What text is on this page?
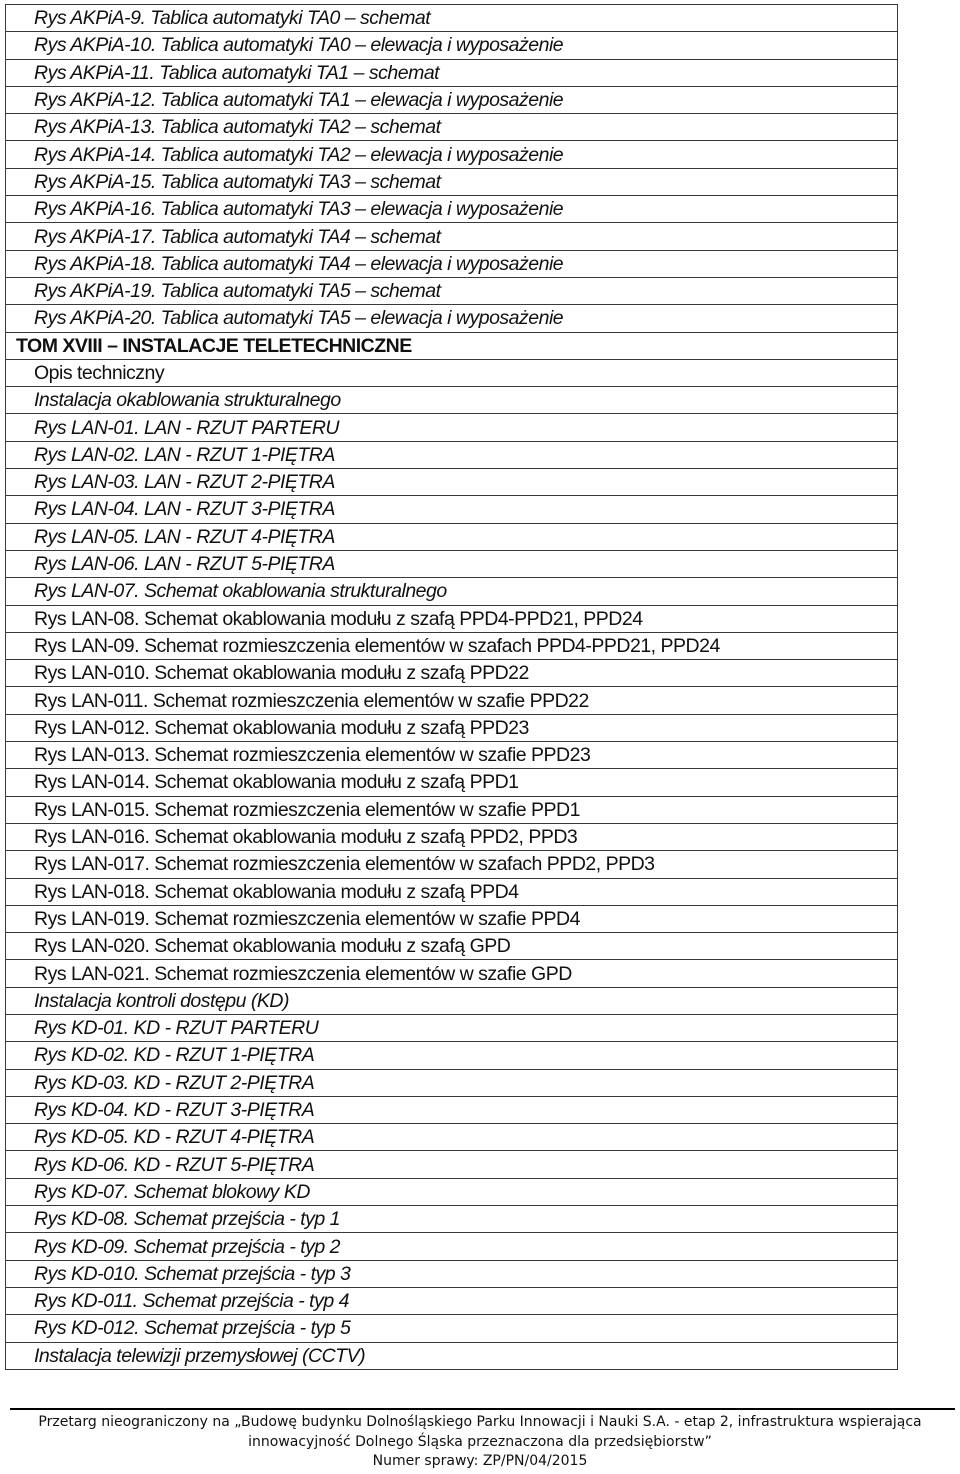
Rys AKPiA-9. Tablica automatyki TA0 – schemat
Rys AKPiA-10. Tablica automatyki TA0 – elewacja i wyposażenie
Rys AKPiA-11. Tablica automatyki TA1 – schemat
Rys AKPiA-12. Tablica automatyki TA1 – elewacja i wyposażenie
Rys AKPiA-13. Tablica automatyki TA2 – schemat
Rys AKPiA-14. Tablica automatyki TA2 – elewacja i wyposażenie
Rys AKPiA-15. Tablica automatyki TA3 – schemat
Rys AKPiA-16. Tablica automatyki TA3 – elewacja i wyposażenie
Rys AKPiA-17. Tablica automatyki TA4 – schemat
Rys AKPiA-18. Tablica automatyki TA4 – elewacja i wyposażenie
Rys AKPiA-19. Tablica automatyki TA5 – schemat
Rys AKPiA-20. Tablica automatyki TA5 – elewacja i wyposażenie
TOM XVIII – INSTALACJE TELETECHNICZNE
Opis techniczny
Instalacja okablowania strukturalnego
Rys LAN-01. LAN - RZUT PARTERU
Rys LAN-02. LAN - RZUT 1-PIĘTRA
Rys LAN-03. LAN - RZUT 2-PIĘTRA
Rys LAN-04. LAN - RZUT 3-PIĘTRA
Rys LAN-05. LAN - RZUT 4-PIĘTRA
Rys LAN-06. LAN - RZUT 5-PIĘTRA
Rys LAN-07. Schemat okablowania strukturalnego
Rys LAN-08. Schemat okablowania modułu z szafą PPD4-PPD21, PPD24
Rys LAN-09. Schemat rozmieszczenia elementów w szafach PPD4-PPD21, PPD24
Rys LAN-010. Schemat okablowania modułu z szafą PPD22
Rys LAN-011. Schemat rozmieszczenia elementów w szafie PPD22
Rys LAN-012. Schemat okablowania modułu z szafą PPD23
Rys LAN-013. Schemat rozmieszczenia elementów w szafie PPD23
Rys LAN-014. Schemat okablowania modułu z szafą PPD1
Rys LAN-015. Schemat rozmieszczenia elementów w szafie PPD1
Rys LAN-016. Schemat okablowania modułu z szafą PPD2, PPD3
Rys LAN-017. Schemat rozmieszczenia elementów w szafach PPD2, PPD3
Rys LAN-018. Schemat okablowania modułu z szafą PPD4
Rys LAN-019. Schemat rozmieszczenia elementów w szafie PPD4
Rys LAN-020. Schemat okablowania modułu z szafą GPD
Rys LAN-021. Schemat rozmieszczenia elementów w szafie GPD
Instalacja kontroli dostępu (KD)
Rys KD-01. KD - RZUT PARTERU
Rys KD-02. KD - RZUT 1-PIĘTRA
Rys KD-03. KD - RZUT 2-PIĘTRA
Rys KD-04. KD - RZUT 3-PIĘTRA
Rys KD-05. KD - RZUT 4-PIĘTRA
Rys KD-06. KD - RZUT 5-PIĘTRA
Rys KD-07. Schemat blokowy KD
Rys KD-08. Schemat przejścia - typ 1
Rys KD-09. Schemat przejścia - typ 2
Rys KD-010. Schemat przejścia - typ 3
Rys KD-011. Schemat przejścia - typ 4
Rys KD-012. Schemat przejścia - typ 5
Instalacja telewizji przemysłowej (CCTV)
Przetarg nieograniczony na „Budowę budynku Dolnośląskiego Parku Innowacji i Nauki S.A. - etap 2, infrastruktura wspierająca
innowacyjność Dolnego Śląska przeznaczona dla przedsiębiorstw”
Numer sprawy: ZP/PN/04/2015
